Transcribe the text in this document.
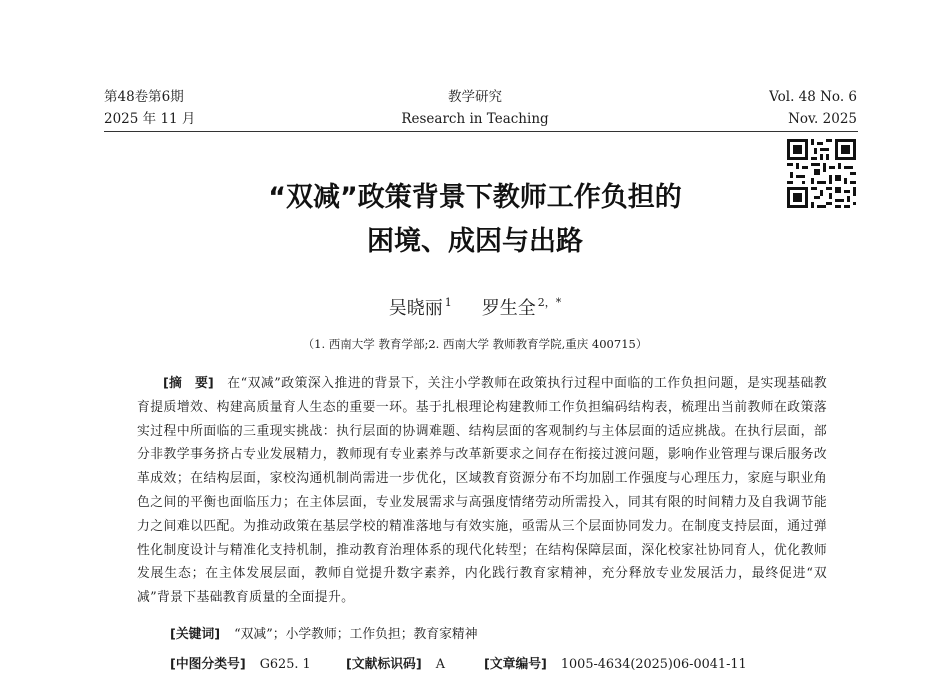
第48卷第6期
2025 年 11 月
教学研究
Research in Teaching
Vol. 48 No. 6
Nov. 2025
“双减”政策背景下教师工作负担的
困境、成因与出路
吴晓丽 $^1$ 罗生全 $^{2,*}$
（1. 西南大学 教育学部;2. 西南大学 教师教育学院,重庆 400715）

[摘　要]　 在“双减”政策深入推进的背景下，关注小学教师在政策执行过程中面临的工作负担问题，是实现基础教育提质增效、构建高质量育人生态的重要一环。基于扎根理论构建教师工作负担编码结构表，梳理出当前教师在政策落实过程中所面临的三重现实挑战：执行层面的协调难题、结构层面的客观制约与主体层面的适应挑战。在执行层面，部分非教学事务挤占专业发展精力，教师现有专业素养与改革新要求之间存在衔接过渡问题，影响作业管理与课后服务改革成效；在结构层面，家校沟通机制尚需进一步优化，区域教育资源分布不均加剧工作强度与心理压力，家庭与职业角色之间的平衡也面临压力；在主体层面，专业发展需求与高强度情绪劳动所需投入，同其有限的时间精力及自我调节能力之间难以匹配。为推动政策在基层学校的精准落地与有效实施，亟需从三个层面协同发力。在制度支持层面，通过弹性化制度设计与精准化支持机制，推动教育治理体系的现代化转型；在结构保障层面，深化校家社协同育人，优化教师发展生态；在主体发展层面，教师自觉提升数字素养，内化践行教育家精神，充分释放专业发展活力，最终促进“双减”背景下基础教育质量的全面提升。

[关键词] “双减”；小学教师；工作负担；教育家精神
[中图分类号] G625. 1	[文献标识码] A	[文章编号] 1005-4634(2025)06-0041-11
